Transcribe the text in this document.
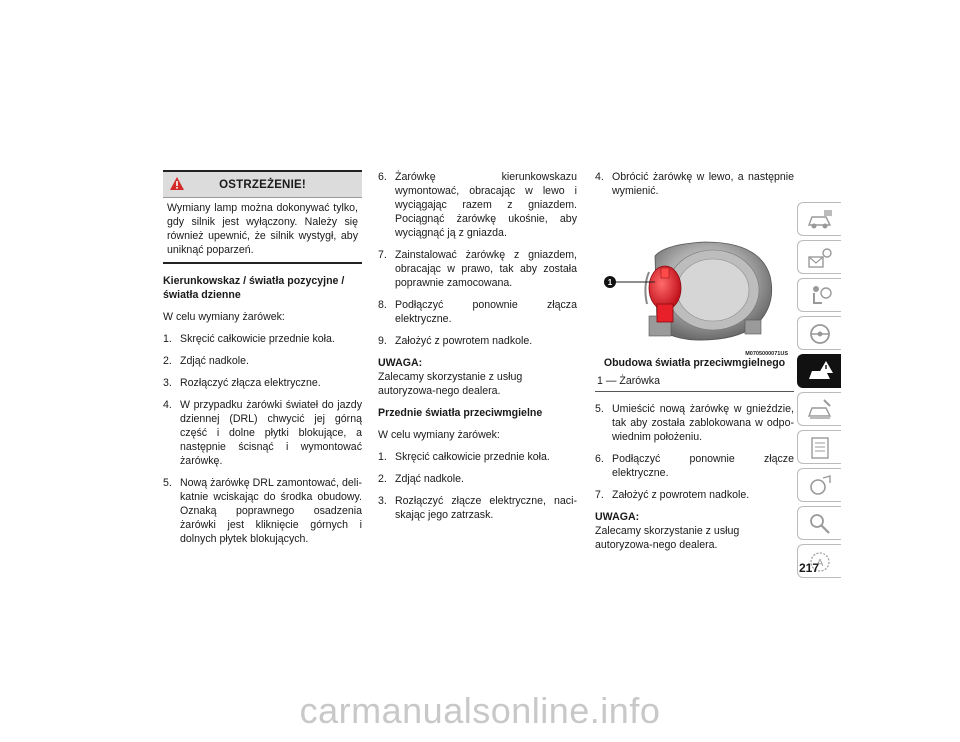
OSTRZEŻENIE!
Wymiany lamp można dokonywać tylko, gdy silnik jest wyłączony. Należy się również upewnić, że silnik wystygł, aby uniknąć poparzeń.
Kierunkowskaz / światła pozycyjne / światła dzienne
W celu wymiany żarówek:
1. Skręcić całkowicie przednie koła.
2. Zdjąć nadkole.
3. Rozłączyć złącza elektryczne.
4. W przypadku żarówki świateł do jazdy dziennej (DRL) chwycić jej górną część i dolne płytki blokujące, a następnie ścisnąć i wymontować żarówkę.
5. Nową żarówkę DRL zamontować, deli-katnie wciskając do środka obudowy. Oznaką poprawnego osadzenia żarówki jest kliknięcie górnych i dolnych płytek blokujących.
6. Żarówkę kierunkowskazu wymontować, obracając w lewo i wyciągając razem z gniazdem. Pociągnąć żarówkę ukośnie, aby wyciągnąć ją z gniazda.
7. Zainstalować żarówkę z gniazdem, obracając w prawo, tak aby została poprawnie zamocowana.
8. Podłączyć ponownie złącza elektryczne.
9. Założyć z powrotem nadkole.
UWAGA:
Zalecamy skorzystanie z usług autoryzowa-nego dealera.
Przednie światła przeciwmgielne
W celu wymiany żarówek:
1. Skręcić całkowicie przednie koła.
2. Zdjąć nadkole.
3. Rozłączyć złącze elektryczne, naci-skając jego zatrzask.
4. Obrócić żarówkę w lewo, a następnie wymienić.
1
M0705000071US
Obudowa światła przeciwmgielnego
1 — Żarówka
5. Umieścić nową żarówkę w gnieździe, tak aby została zablokowana w odpo-wiednim położeniu.
6. Podłączyć ponownie złącze elektryczne.
7. Założyć z powrotem nadkole.
UWAGA:
Zalecamy skorzystanie z usług autoryzowa-nego dealera.
A
217
carmanualsonline.info
